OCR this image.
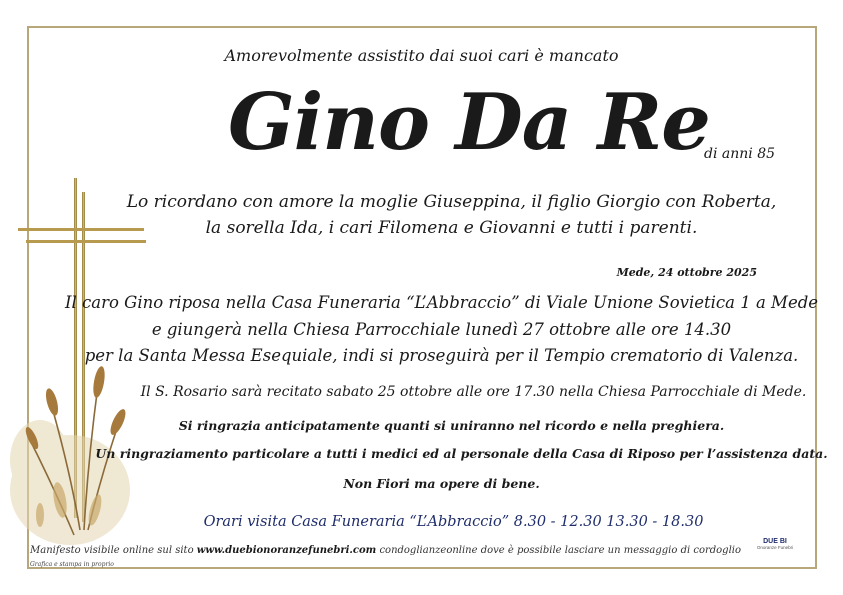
Amorevolmente assistito dai suoi cari è mancato
Gino Da Re
di anni 85
Lo ricordano con amore la moglie Giuseppina, il figlio Giorgio con Roberta,
la sorella Ida, i cari Filomena e Giovanni e tutti i parenti.
Mede, 24 ottobre 2025
Il caro Gino riposa nella Casa Funeraria “L’Abbraccio” di Viale Unione Sovietica 1 a Mede
e giungerà nella Chiesa Parrocchiale lunedì 27 ottobre alle ore 14.30
per la Santa Messa Esequiale, indi si proseguirà per il Tempio crematorio di Valenza.
Il S. Rosario sarà recitato sabato 25 ottobre alle ore 17.30 nella Chiesa Parrocchiale di Mede.
Si ringrazia anticipatamente quanti si uniranno nel ricordo e nella preghiera.
Un ringraziamento particolare a tutti i medici ed al personale della Casa di Riposo per l’assistenza data.
Non Fiori ma opere di bene.
Orari visita Casa Funeraria “L’Abbraccio” 8.30 - 12.30 13.30 - 18.30
Manifesto visibile online sul sito www.duebionoranzefunebri.com condoglianzeonline dove è possibile lasciare un messaggio di cordoglio
Grafica e stampa in proprio
DUE BI
Onoranze Funebri
